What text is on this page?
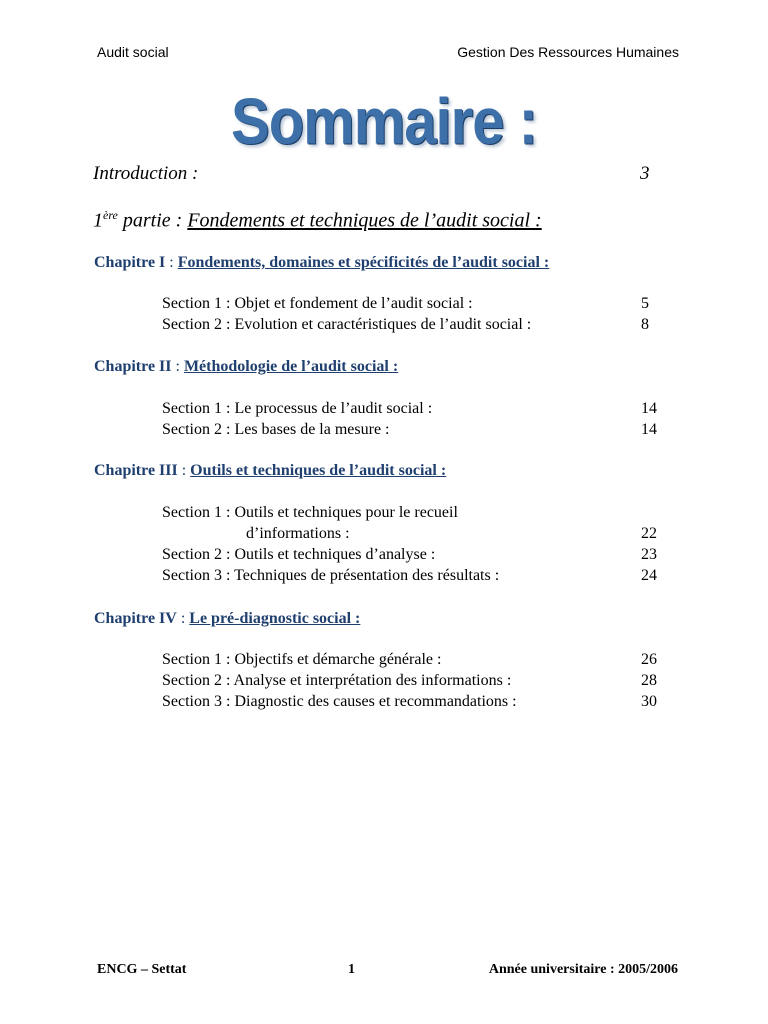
Audit social	Gestion Des Ressources Humaines
Sommaire :
Introduction :	3
1ère partie : Fondements et techniques de l’audit social :
Chapitre I : Fondements, domaines et spécificités de l’audit social :
Section 1 : Objet et fondement de l’audit social :	5
Section 2 : Evolution et caractéristiques de l’audit social :	8
Chapitre II : Méthodologie de l’audit social :
Section 1 : Le processus de l’audit social :	14
Section 2 : Les bases de la mesure :	14
Chapitre III : Outils et techniques de l’audit social :
Section 1 : Outils et techniques pour le recueil
d’informations :	22
Section 2 : Outils et techniques d’analyse :	23
Section 3 : Techniques de présentation des résultats :	24
Chapitre IV : Le pré-diagnostic social :
Section 1 : Objectifs et démarche générale :	26
Section 2 : Analyse et interprétation des informations :	28
Section 3 : Diagnostic des causes et recommandations :	30
ENCG – Settat	1	Année universitaire : 2005/2006
